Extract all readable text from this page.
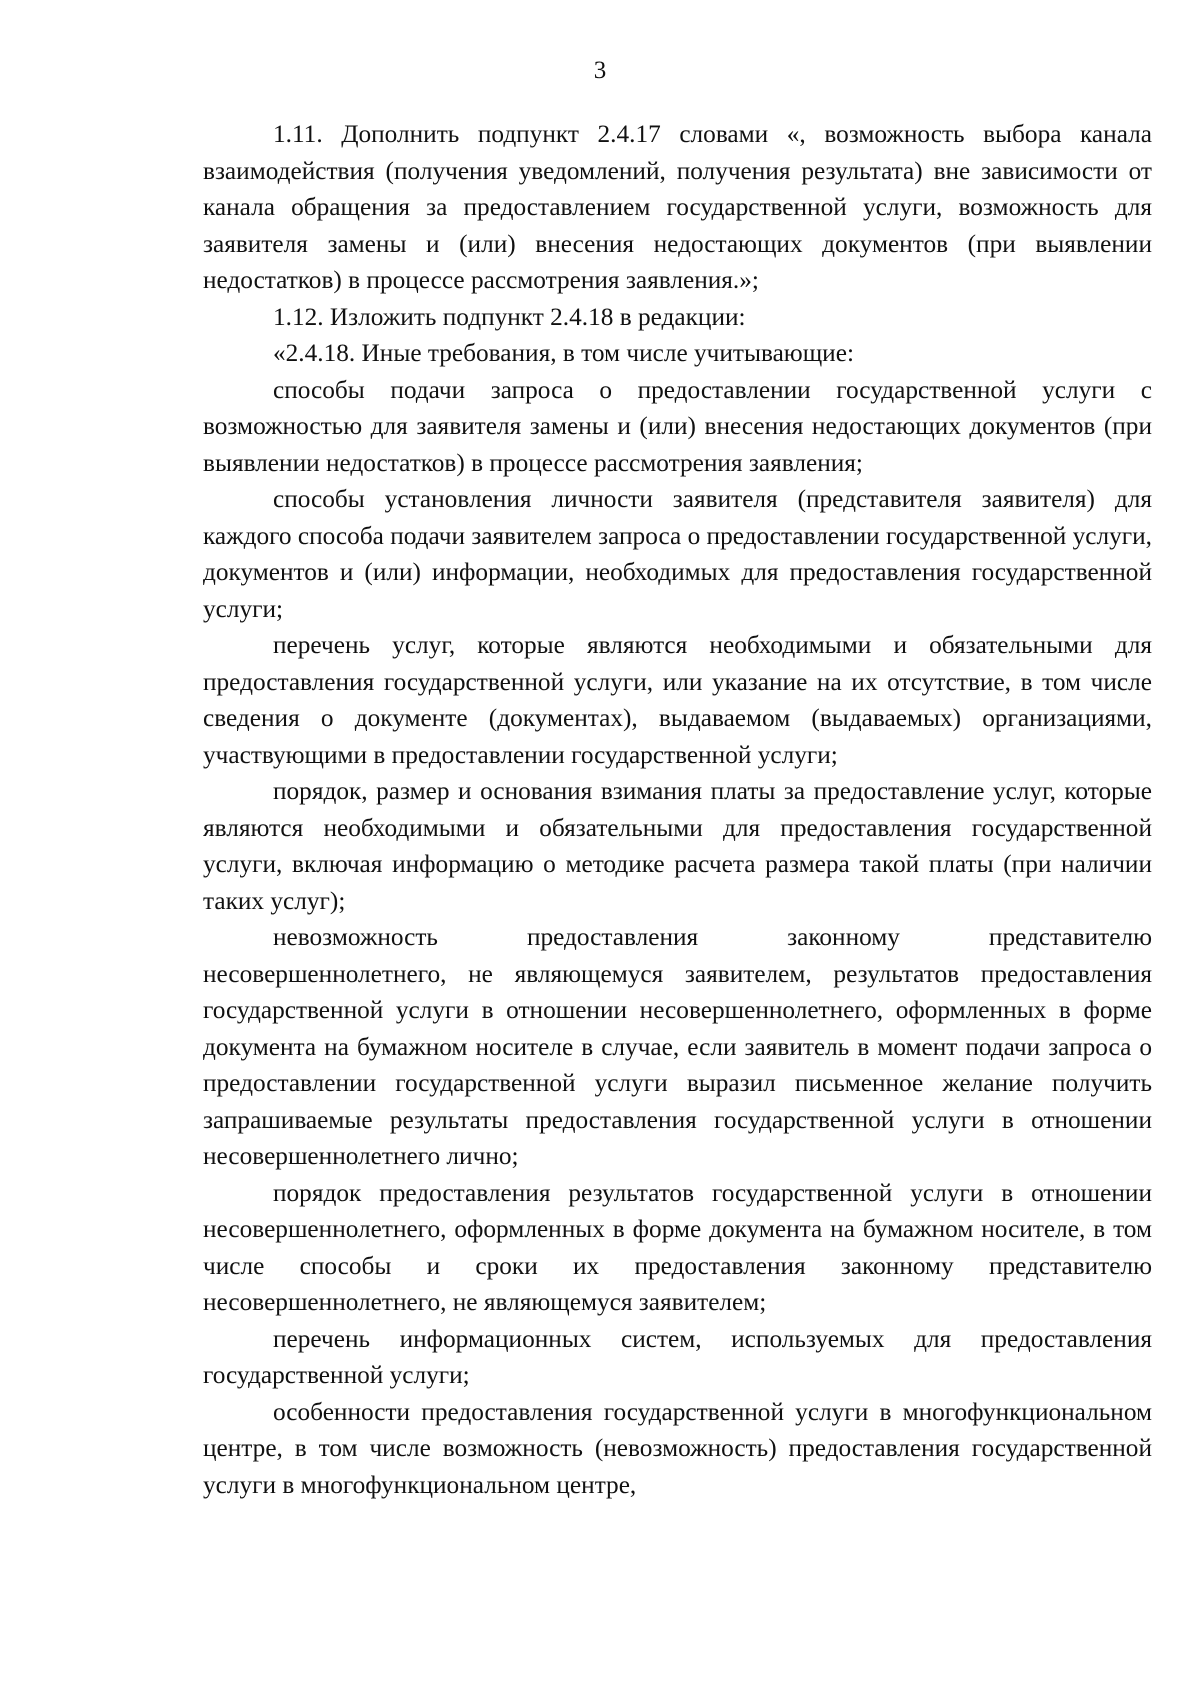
3

1.11. Дополнить подпункт 2.4.17 словами «, возможность выбора канала взаимодействия (получения уведомлений, получения результата) вне зависимости от канала обращения за предоставлением государственной услуги, возможность для заявителя замены и (или) внесения недостающих документов (при выявлении недостатков) в процессе рассмотрения заявления.»;

1.12. Изложить подпункт 2.4.18 в редакции:

«2.4.18. Иные требования, в том числе учитывающие:

способы подачи запроса о предоставлении государственной услуги с возможностью для заявителя замены и (или) внесения недостающих документов (при выявлении недостатков) в процессе рассмотрения заявления;

способы установления личности заявителя (представителя заявителя) для каждого способа подачи заявителем запроса о предоставлении государственной услуги, документов и (или) информации, необходимых для предоставления государственной услуги;

перечень услуг, которые являются необходимыми и обязательными для предоставления государственной услуги, или указание на их отсутствие, в том числе сведения о документе (документах), выдаваемом (выдаваемых) организациями, участвующими в предоставлении государственной услуги;

порядок, размер и основания взимания платы за предоставление услуг, которые являются необходимыми и обязательными для предоставления государственной услуги, включая информацию о методике расчета размера такой платы (при наличии таких услуг);

невозможность предоставления законному представителю несовершеннолетнего, не являющемуся заявителем, результатов предоставления государственной услуги в отношении несовершеннолетнего, оформленных в форме документа на бумажном носителе в случае, если заявитель в момент подачи запроса о предоставлении государственной услуги выразил письменное желание получить запрашиваемые результаты предоставления государственной услуги в отношении несовершеннолетнего лично;

порядок предоставления результатов государственной услуги в отношении несовершеннолетнего, оформленных в форме документа на бумажном носителе, в том числе способы и сроки их предоставления законному представителю несовершеннолетнего, не являющемуся заявителем;

перечень информационных систем, используемых для предоставления государственной услуги;

особенности предоставления государственной услуги в многофункциональном центре, в том числе возможность (невозможность) предоставления государственной услуги в многофункциональном центре,
